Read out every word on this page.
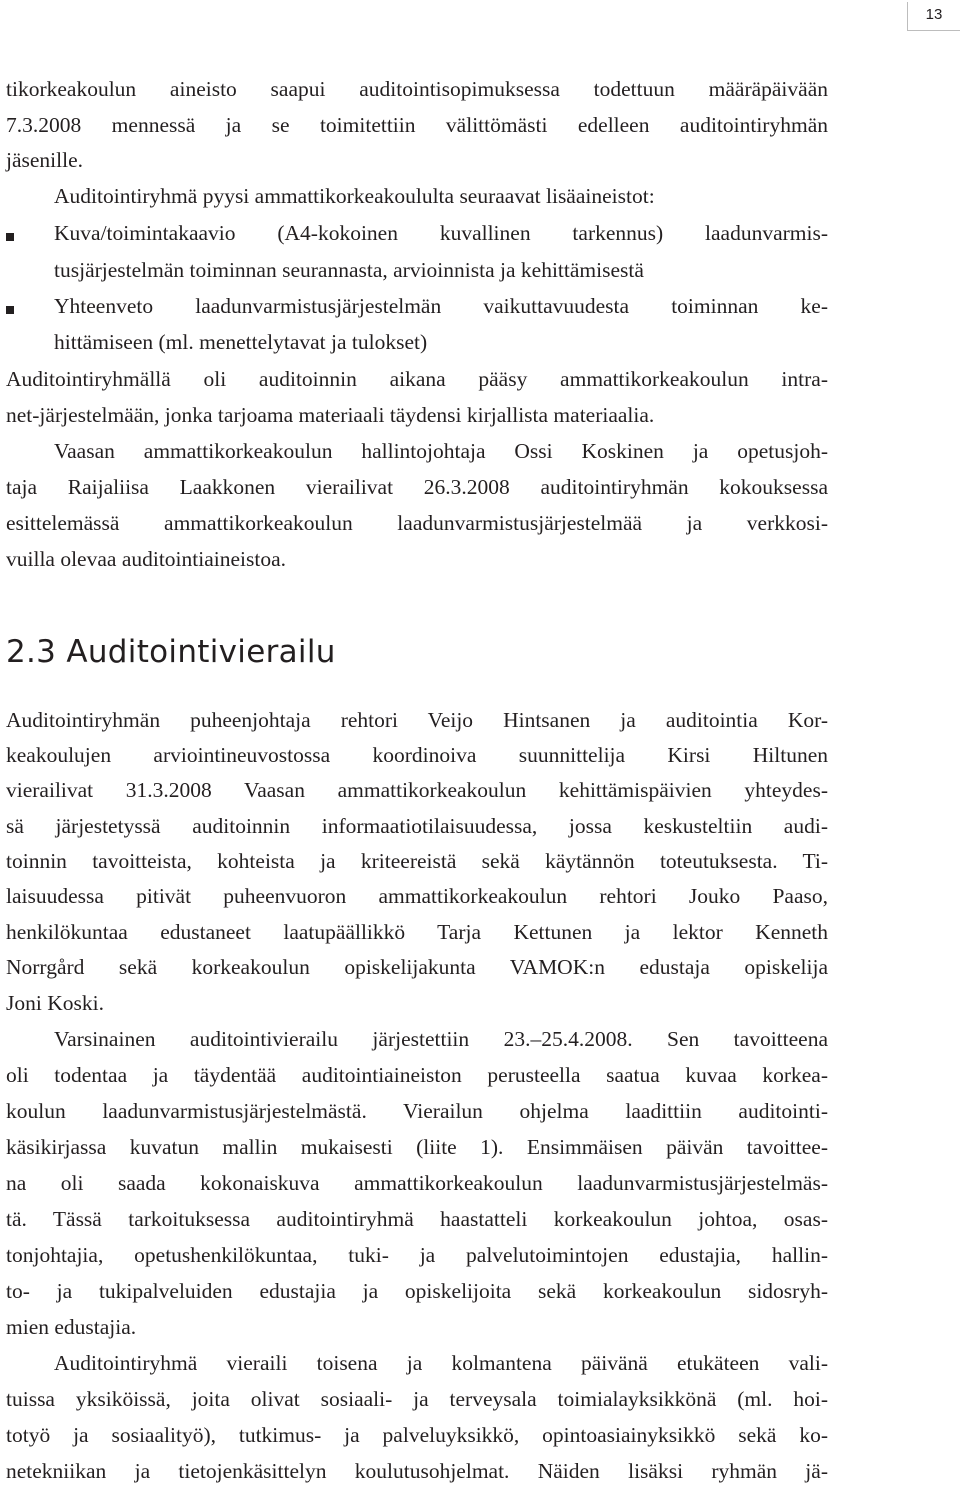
13
tikorkeakoulun aineisto saapui auditointisopimuksessa todettuun määräpäivään
7.3.2008 mennessä ja se toimitettiin välittömästi edelleen auditointiryhmän
jäsenille.
Auditointiryhmä pyysi ammattikorkeakoululta seuraavat lisäaineistot:
Kuva/toimintakaavio (A4-kokoinen kuvallinen tarkennus) laadunvarmis-
tusjärjestelmän toiminnan seurannasta, arvioinnista ja kehittämisestä
Yhteenveto laadunvarmistusjärjestelmän vaikuttavuudesta toiminnan ke-
hittämiseen (ml. menettelytavat ja tulokset)
Auditointiryhmällä oli auditoinnin aikana pääsy ammattikorkeakoulun intra-
net-järjestelmään, jonka tarjoama materiaali täydensi kirjallista materiaalia.
Vaasan ammattikorkeakoulun hallintojohtaja Ossi Koskinen ja opetusjoh-
taja Raijaliisa Laakkonen vierailivat 26.3.2008 auditointiryhmän kokouksessa
esittelemässä ammattikorkeakoulun laadunvarmistusjärjestelmää ja verkkosi-
vuilla olevaa auditointiaineistoa.
2.3 Auditointivierailu
Auditointiryhmän puheenjohtaja rehtori Veijo Hintsanen ja auditointia Kor-
keakoulujen arviointineuvostossa koordinoiva suunnittelija Kirsi Hiltunen
vierailivat 31.3.2008 Vaasan ammattikorkeakoulun kehittämispäivien yhteydes-
sä järjestetyssä auditoinnin informaatiotilaisuudessa, jossa keskusteltiin audi-
toinnin tavoitteista, kohteista ja kriteereistä sekä käytännön toteutuksesta. Ti-
laisuudessa pitivät puheenvuoron ammattikorkeakoulun rehtori Jouko Paaso,
henkilökuntaa edustaneet laatupäällikkö Tarja Kettunen ja lektor Kenneth
Norrgård sekä korkeakoulun opiskelijakunta VAMOK:n edustaja opiskelija
Joni Koski.
Varsinainen auditointivierailu järjestettiin 23.–25.4.2008. Sen tavoitteena
oli todentaa ja täydentää auditointiaineiston perusteella saatua kuvaa korkea-
koulun laadunvarmistusjärjestelmästä. Vierailun ohjelma laadittiin auditointi-
käsikirjassa kuvatun mallin mukaisesti (liite 1). Ensimmäisen päivän tavoittee-
na oli saada kokonaiskuva ammattikorkeakoulun laadunvarmistusjärjestelmäs-
tä. Tässä tarkoituksessa auditointiryhmä haastatteli korkeakoulun johtoa, osas-
tonjohtajia, opetushenkilökuntaa, tuki- ja palvelutoimintojen edustajia, hallin-
to- ja tukipalveluiden edustajia ja opiskelijoita sekä korkeakoulun sidosryh-
mien edustajia.
Auditointiryhmä vieraili toisena ja kolmantena päivänä etukäteen vali-
tuissa yksiköissä, joita olivat sosiaali- ja terveysala toimialayksikkönä (ml. hoi-
totyö ja sosiaalityö), tutkimus- ja palveluyksikkö, opintoasiainyksikkö sekä ko-
netekniikan ja tietojenkäsittelyn koulutusohjelmat. Näiden lisäksi ryhmän jä-
